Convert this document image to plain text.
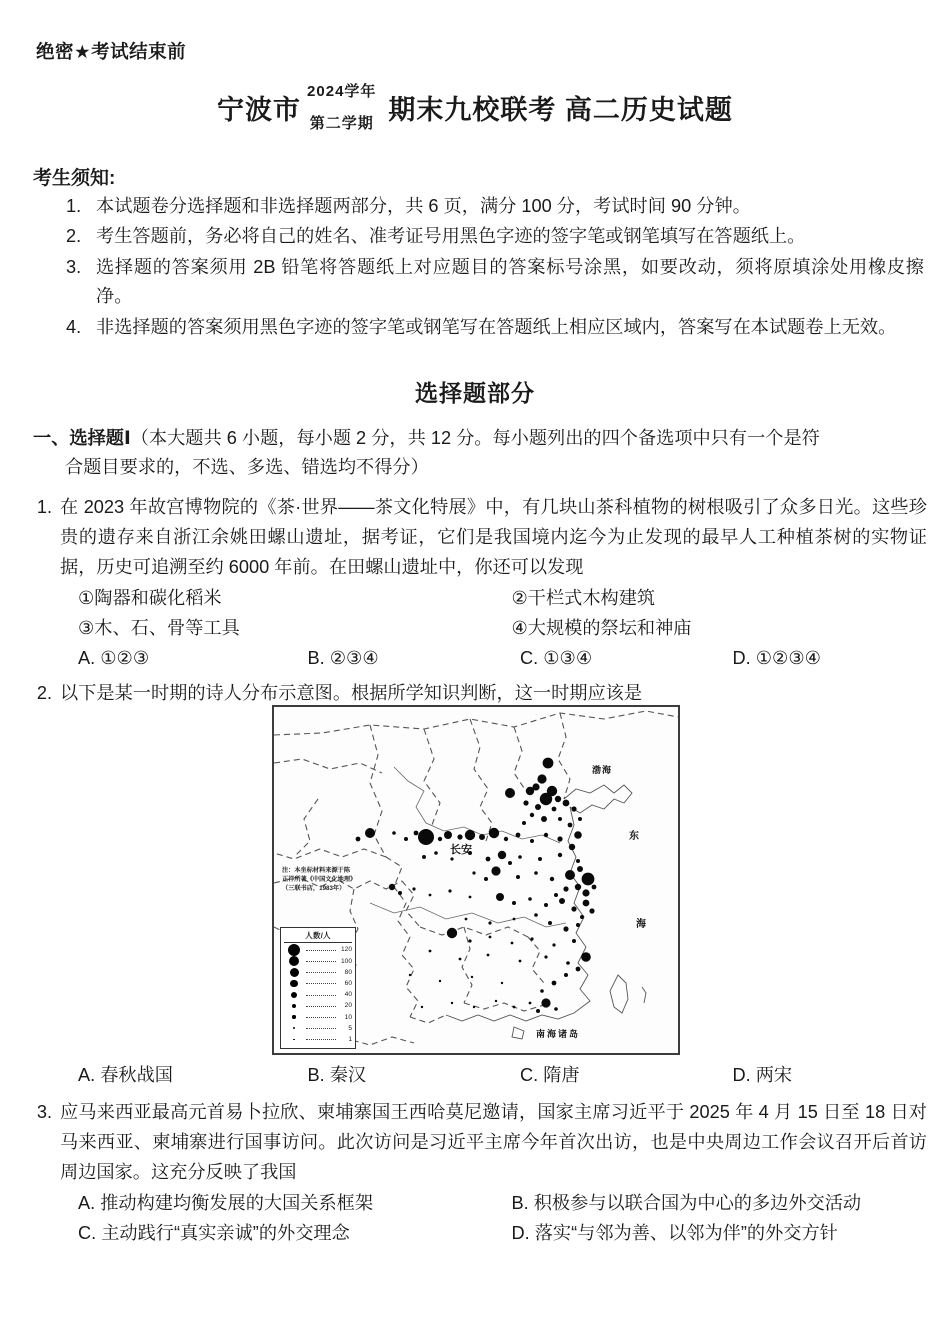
绝密★考试结束前
宁波市
2024学年
第二学期 期末九校联考 高二历史试题
考生须知:
1. 本试题卷分选择题和非选择题两部分，共 6 页，满分 100 分，考试时间 90 分钟。
2. 考生答题前，务必将自己的姓名、准考证号用黑色字迹的签字笔或钢笔填写在答题纸上。
3. 选择题的答案须用 2B 铅笔将答题纸上对应题目的答案标号涂黑，如要改动，须将原填涂处用橡皮擦净。
4. 非选择题的答案须用黑色字迹的签字笔或钢笔写在答题纸上相应区域内，答案写在本试题卷上无效。
选择题部分
一、选择题Ⅰ（本大题共 6 小题，每小题 2 分，共 12 分。每小题列出的四个备选项中只有一个是符
合题目要求的，不选、多选、错选均不得分）
1. 在 2023 年故宫博物院的《茶·世界——茶文化特展》中，有几块山茶科植物的树根吸引了众多日光。这些珍贵的遗存来自浙江余姚田螺山遗址，据考证，它们是我国境内迄今为止发现的最早人工种植茶树的实物证据，历史可追溯至约 6000 年前。在田螺山遗址中，你还可以发现
①陶器和碳化稻米	②干栏式木构建筑
③木、石、骨等工具	④大规模的祭坛和神庙
A. ①②③	B. ②③④	C. ①③④	D. ①②③④
2. 以下是某一时期的诗人分布示意图。根据所学知识判断，这一时期应该是
注：本坐标材料来源于陈正祥所著《中国文化地理》（三联书店，1983年）
长安
渤海
东
海
南海诸岛
人数/人
120
100
80
60
40
20
10
5
1
A. 春秋战国	B. 秦汉	C. 隋唐	D. 两宋
3. 应马来西亚最高元首易卜拉欣、柬埔寨国王西哈莫尼邀请，国家主席习近平于 2025 年 4 月 15 日至 18 日对马来西亚、柬埔寨进行国事访问。此次访问是习近平主席今年首次出访，也是中央周边工作会议召开后首访周边国家。这充分反映了我国
A. 推动构建均衡发展的大国关系框架	B. 积极参与以联合国为中心的多边外交活动
C. 主动践行“真实亲诚”的外交理念	D. 落实“与邻为善、以邻为伴”的外交方针
